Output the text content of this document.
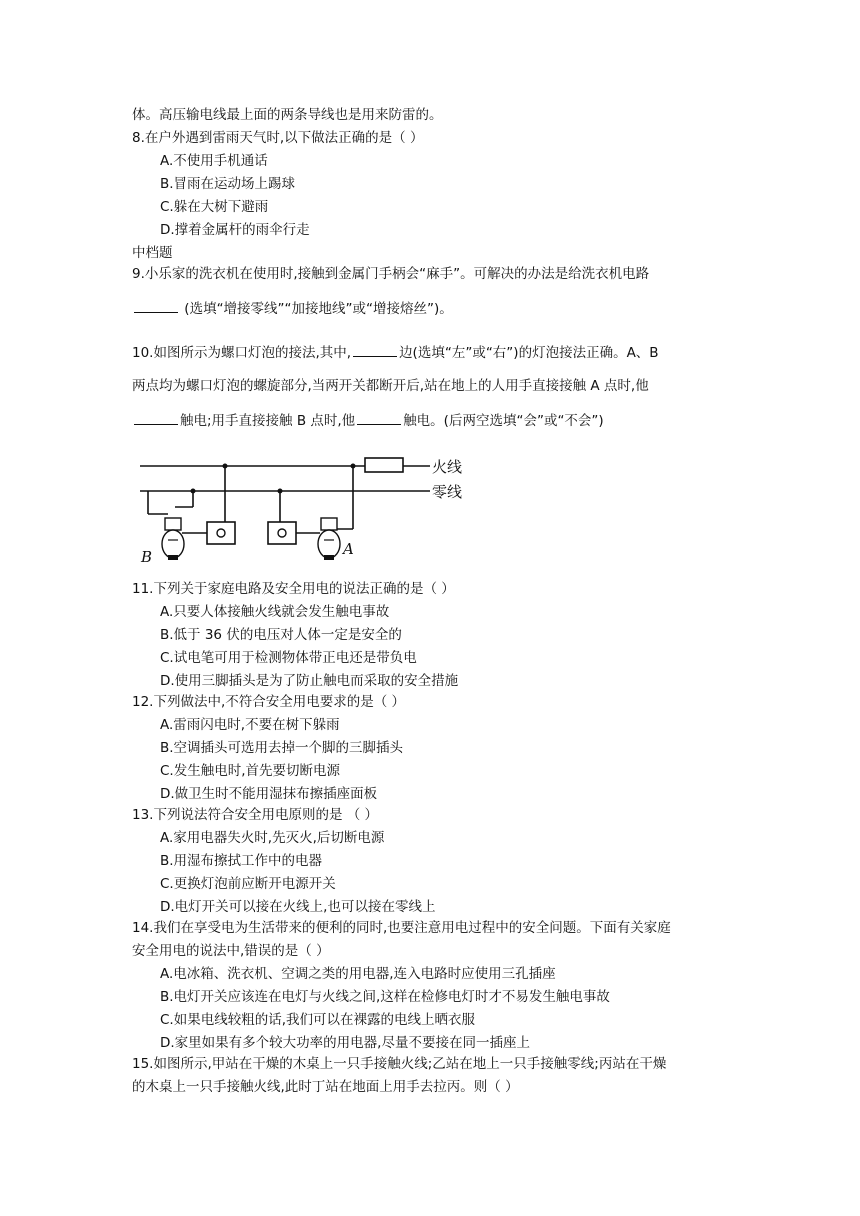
体。高压输电线最上面的两条导线也是用来防雷的。
8.在户外遇到雷雨天气时,以下做法正确的是（ ）
A.不使用手机通话
B.冒雨在运动场上踢球
C.躲在大树下避雨
D.撑着金属杆的雨伞行走
中档题
9.小乐家的洗衣机在使用时,接触到金属门手柄会“麻手”。可解决的办法是给洗衣机电路
(选填“增接零线”“加接地线”或“增接熔丝”)。
10.如图所示为螺口灯泡的接法,其中,	边(选填“左”或“右”)的灯泡接法正确。A、B
两点均为螺口灯泡的螺旋部分,当两开关都断开后,站在地上的人用手直接接触 A 点时,他
触电;用手直接接触 B 点时,他	触电。(后两空选填“会”或“不会”)
火线
零线
B	A
11.下列关于家庭电路及安全用电的说法正确的是（ ）
A.只要人体接触火线就会发生触电事故
B.低于 36 伏的电压对人体一定是安全的
C.试电笔可用于检测物体带正电还是带负电
D.使用三脚插头是为了防止触电而采取的安全措施
12.下列做法中,不符合安全用电要求的是（ ）
A.雷雨闪电时,不要在树下躲雨
B.空调插头可选用去掉一个脚的三脚插头
C.发生触电时,首先要切断电源
D.做卫生时不能用湿抹布擦插座面板
13.下列说法符合安全用电原则的是 （ ）
A.家用电器失火时,先灭火,后切断电源
B.用湿布擦拭工作中的电器
C.更换灯泡前应断开电源开关
D.电灯开关可以接在火线上,也可以接在零线上
14.我们在享受电为生活带来的便利的同时,也要注意用电过程中的安全问题。下面有关家庭
安全用电的说法中,错误的是（ ）
A.电冰箱、洗衣机、空调之类的用电器,连入电路时应使用三孔插座
B.电灯开关应该连在电灯与火线之间,这样在检修电灯时才不易发生触电事故
C.如果电线较粗的话,我们可以在裸露的电线上晒衣服
D.家里如果有多个较大功率的用电器,尽量不要接在同一插座上
15.如图所示,甲站在干燥的木桌上一只手接触火线;乙站在地上一只手接触零线;丙站在干燥
的木桌上一只手接触火线,此时丁站在地面上用手去拉丙。则（ ）
